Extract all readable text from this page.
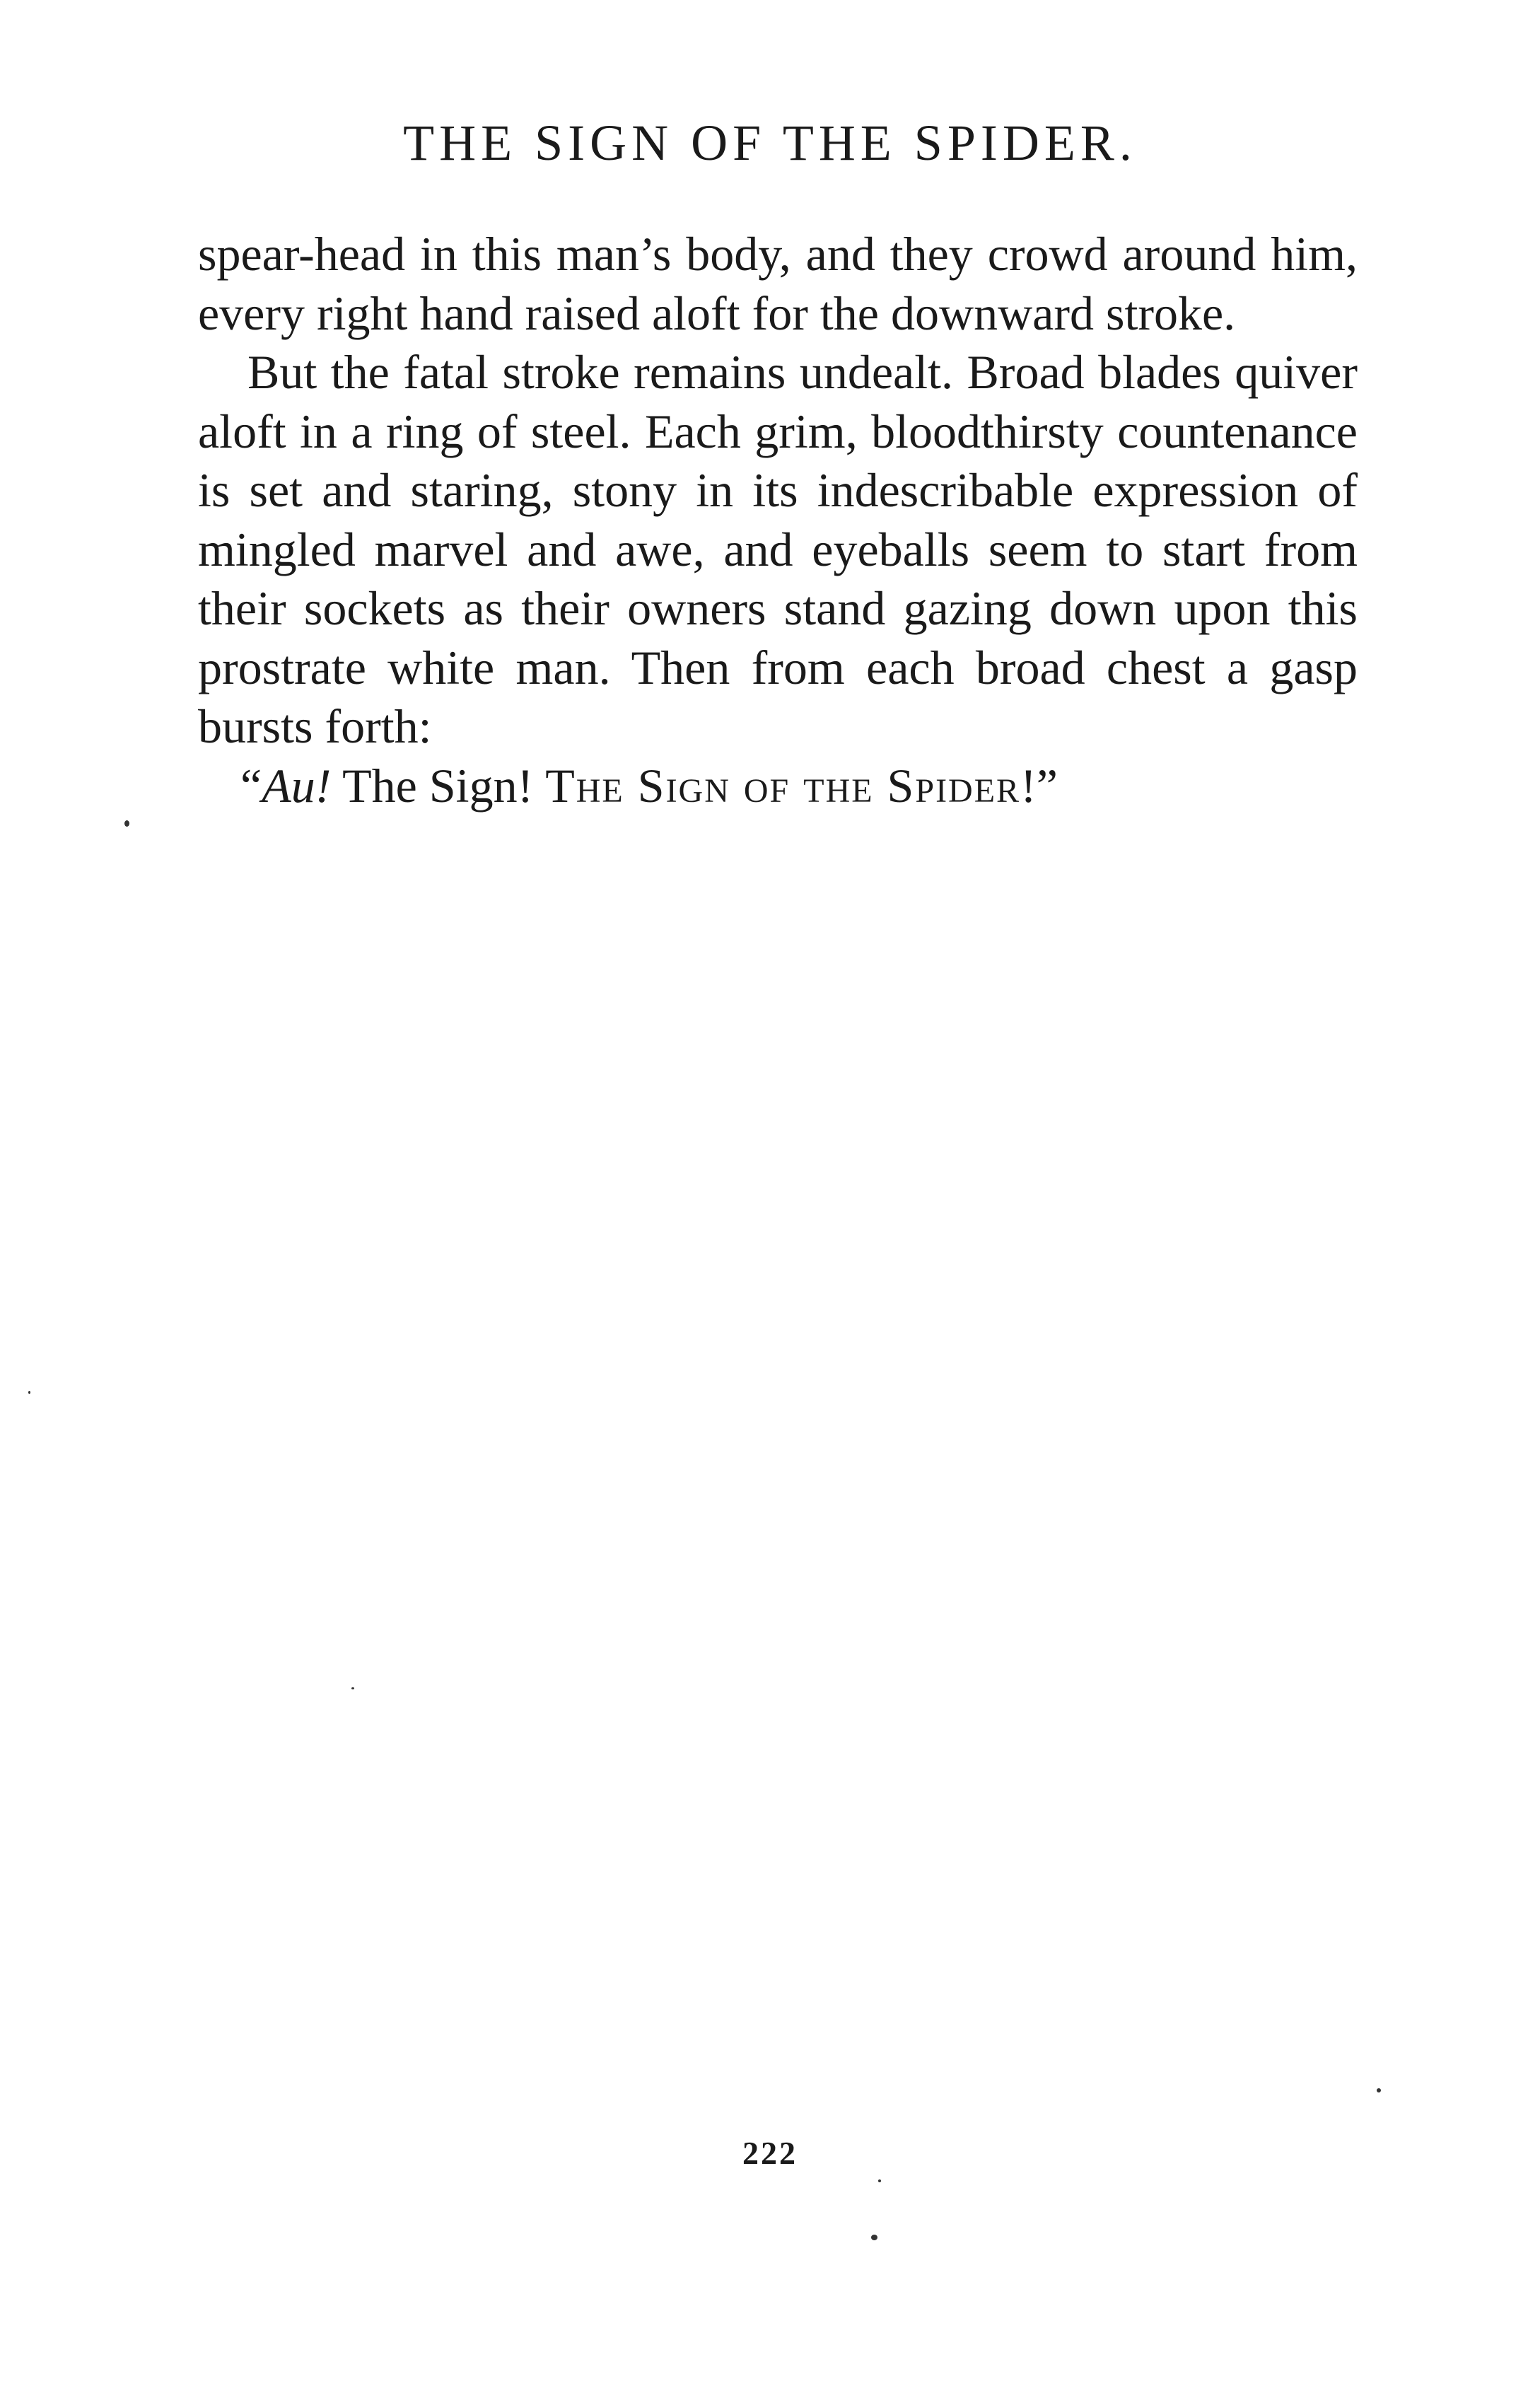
THE SIGN OF THE SPIDER.

spear-head in this man’s body, and they crowd around him, every right hand raised aloft for the downward stroke.

But the fatal stroke remains undealt. Broad blades quiver aloft in a ring of steel. Each grim, bloodthirsty countenance is set and staring, stony in its indescribable expression of mingled marvel and awe, and eyeballs seem to start from their sockets as their owners stand gazing down upon this prostrate white man. Then from each broad chest a gasp bursts forth:

“Au! The Sign! The Sign of the Spider!”

222
